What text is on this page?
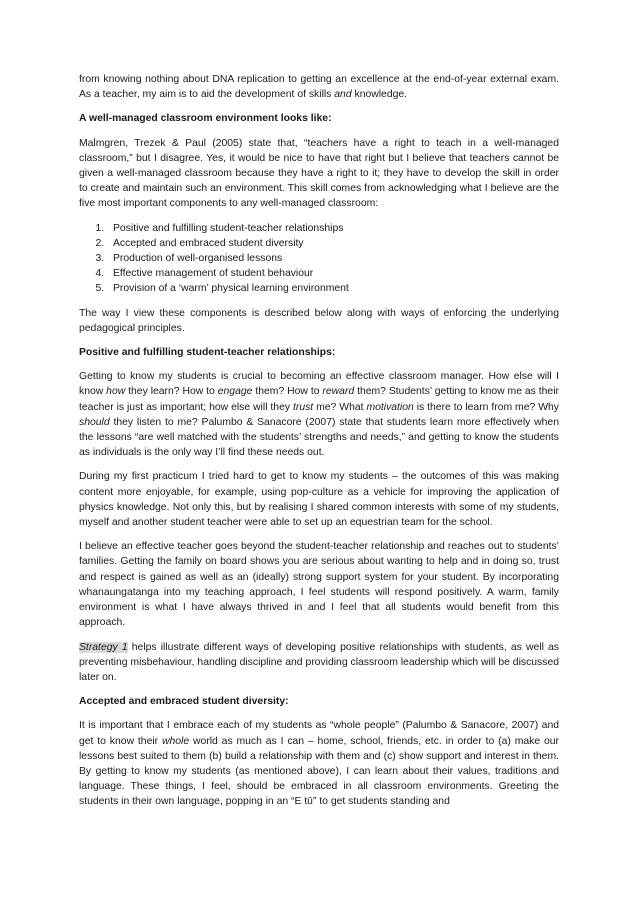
from knowing nothing about DNA replication to getting an excellence at the end-of-year external exam. As a teacher, my aim is to aid the development of skills and knowledge.

A well-managed classroom environment looks like:

Malmgren, Trezek & Paul (2005) state that, “teachers have a right to teach in a well-managed classroom,” but I disagree. Yes, it would be nice to have that right but I believe that teachers cannot be given a well-managed classroom because they have a right to it; they have to develop the skill in order to create and maintain such an environment. This skill comes from acknowledging what I believe are the five most important components to any well-managed classroom:

1. Positive and fulfilling student-teacher relationships
2. Accepted and embraced student diversity
3. Production of well-organised lessons
4. Effective management of student behaviour
5. Provision of a ‘warm’ physical learning environment

The way I view these components is described below along with ways of enforcing the underlying pedagogical principles.

Positive and fulfilling student-teacher relationships:

Getting to know my students is crucial to becoming an effective classroom manager. How else will I know how they learn? How to engage them? How to reward them? Students’ getting to know me as their teacher is just as important; how else will they trust me? What motivation is there to learn from me? Why should they listen to me? Palumbo & Sanacore (2007) state that students learn more effectively when the lessons “are well matched with the students’ strengths and needs,” and getting to know the students as individuals is the only way I’ll find these needs out.

During my first practicum I tried hard to get to know my students – the outcomes of this was making content more enjoyable, for example, using pop-culture as a vehicle for improving the application of physics knowledge. Not only this, but by realising I shared common interests with some of my students, myself and another student teacher were able to set up an equestrian team for the school.

I believe an effective teacher goes beyond the student-teacher relationship and reaches out to students’ families. Getting the family on board shows you are serious about wanting to help and in doing so, trust and respect is gained as well as an (ideally) strong support system for your student. By incorporating whanaungatanga into my teaching approach, I feel students will respond positively. A warm, family environment is what I have always thrived in and I feel that all students would benefit from this approach.

Strategy 1 helps illustrate different ways of developing positive relationships with students, as well as preventing misbehaviour, handling discipline and providing classroom leadership which will be discussed later on.

Accepted and embraced student diversity:

It is important that I embrace each of my students as “whole people” (Palumbo & Sanacore, 2007) and get to know their whole world as much as I can – home, school, friends, etc. in order to (a) make our lessons best suited to them (b) build a relationship with them and (c) show support and interest in them. By getting to know my students (as mentioned above), I can learn about their values, traditions and language. These things, I feel, should be embraced in all classroom environments. Greeting the students in their own language, popping in an “E tū” to get students standing and
